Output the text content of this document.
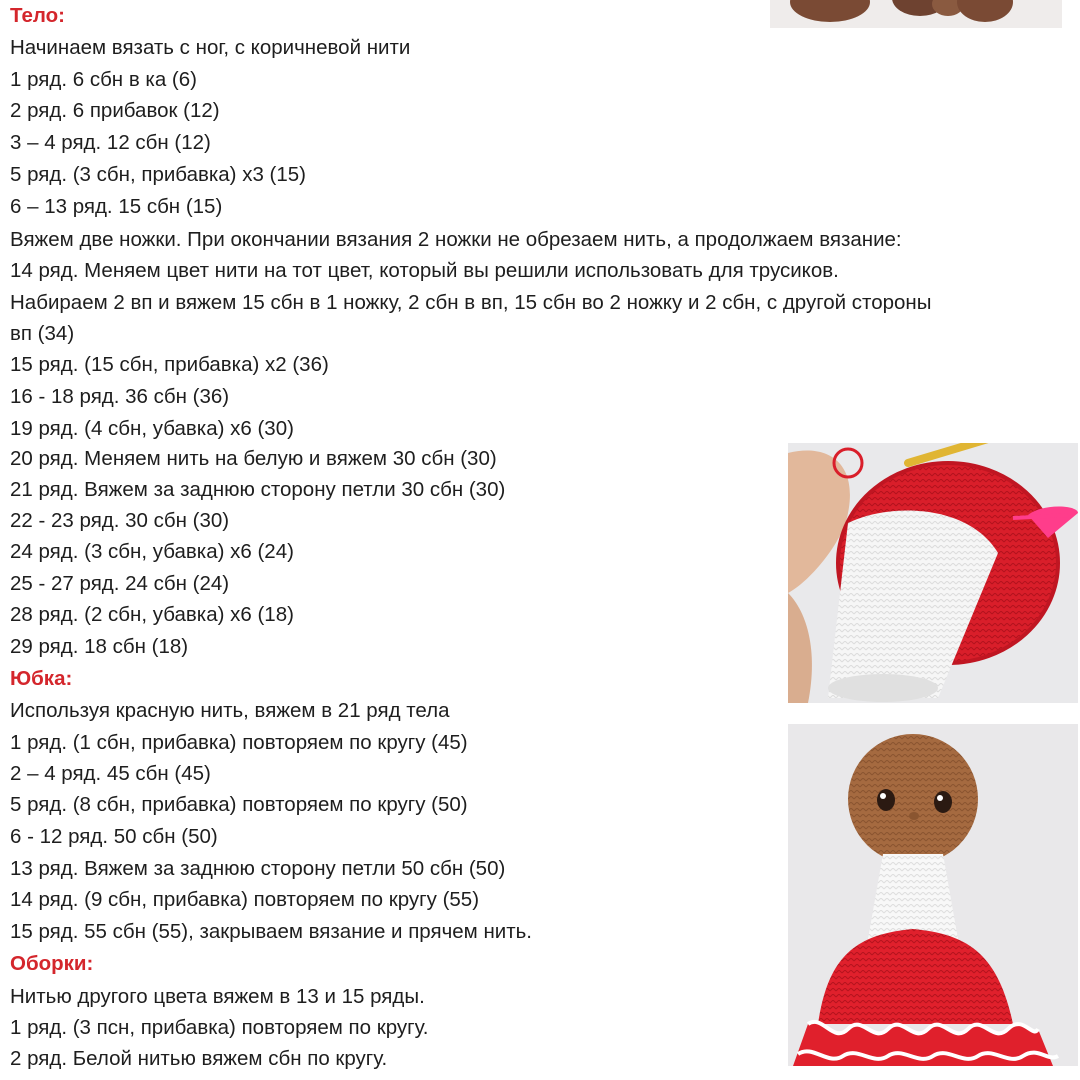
Тело:
Начинаем вязать с ног, с коричневой нити
1 ряд. 6 сбн в ка (6)
2 ряд. 6 прибавок (12)
3 – 4 ряд. 12 сбн (12)
5 ряд. (3 сбн, прибавка) х3 (15)
6 – 13 ряд. 15 сбн (15)
Вяжем две ножки. При окончании вязания 2 ножки не обрезаем нить, а продолжаем вязание:
14 ряд. Меняем цвет нити на тот цвет, который вы решили использовать для трусиков.
Набираем 2 вп и вяжем 15 сбн в 1 ножку, 2 сбн в вп, 15 сбн во 2 ножку и 2 сбн, с другой стороны
вп (34)
15 ряд. (15 сбн, прибавка) х2 (36)
16 - 18 ряд. 36 сбн (36)
19 ряд. (4 сбн, убавка) х6 (30)
20 ряд. Меняем нить на белую и вяжем 30 сбн (30)
21 ряд. Вяжем за заднюю сторону петли 30 сбн (30)
22 - 23 ряд. 30 сбн (30)
24 ряд. (3 сбн, убавка) х6 (24)
25 - 27 ряд. 24 сбн (24)
28 ряд. (2 сбн, убавка) х6 (18)
29 ряд. 18 сбн (18)
Юбка:
Используя красную нить, вяжем в 21 ряд тела
1 ряд. (1 сбн, прибавка) повторяем по кругу (45)
2 – 4 ряд. 45 сбн (45)
5 ряд. (8 сбн, прибавка) повторяем по кругу (50)
6 - 12 ряд. 50 сбн (50)
13 ряд. Вяжем за заднюю сторону петли 50 сбн (50)
14 ряд. (9 сбн, прибавка) повторяем по кругу (55)
15 ряд. 55 сбн (55), закрываем вязание и прячем нить.
Оборки:
Нитью другого цвета вяжем в 13 и 15 ряды.
1 ряд. (3 псн, прибавка) повторяем по кругу.
2 ряд. Белой нитью вяжем сбн по кругу.
